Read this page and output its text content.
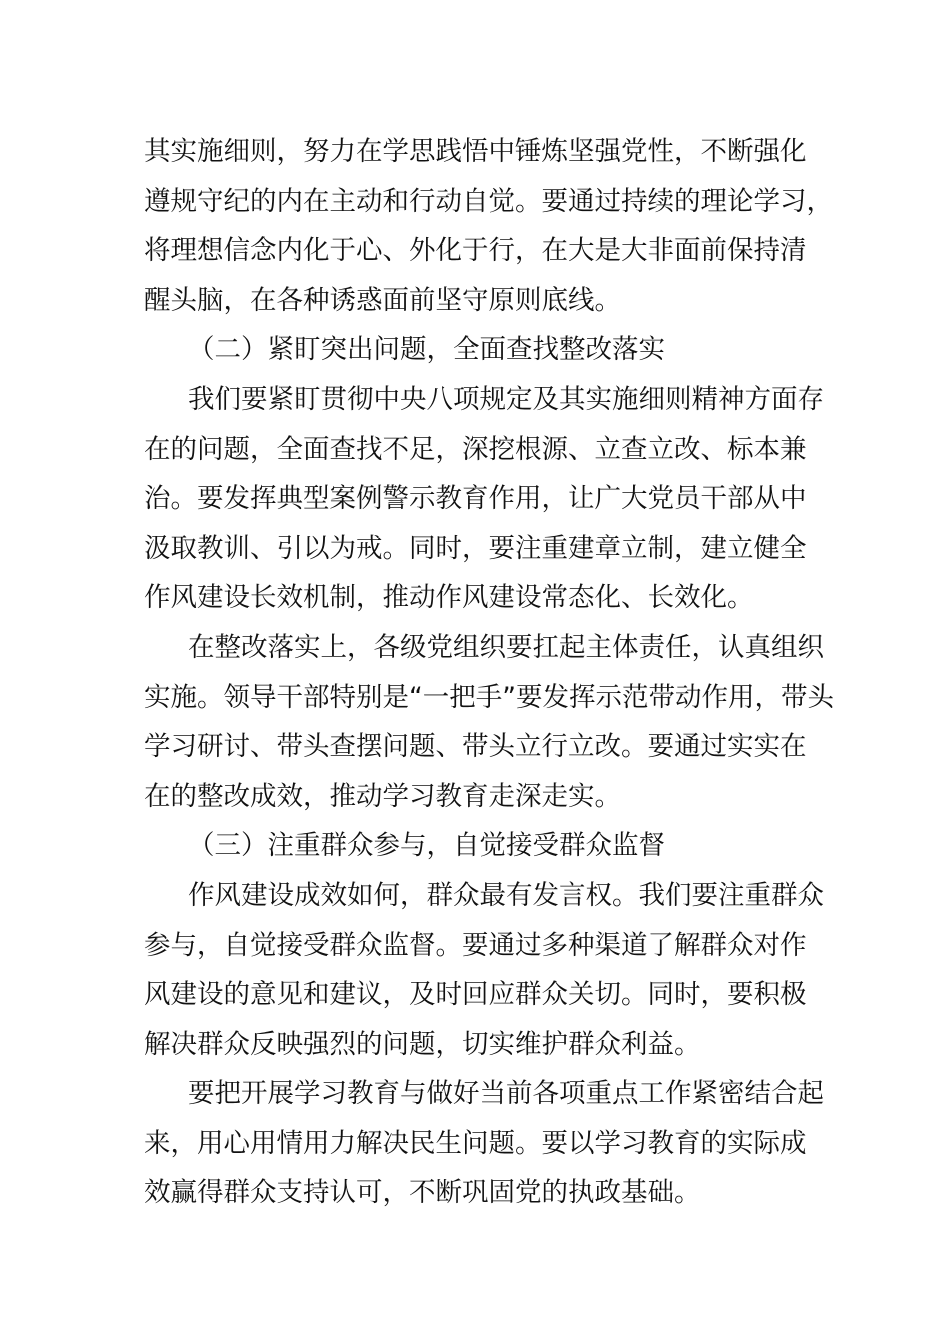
其实施细则，努力在学思践悟中锤炼坚强党性，不断强化
遵规守纪的内在主动和行动自觉。要通过持续的理论学习，
将理想信念内化于心、外化于行，在大是大非面前保持清
醒头脑，在各种诱惑面前坚守原则底线。
（二）紧盯突出问题，全面查找整改落实
我们要紧盯贯彻中央八项规定及其实施细则精神方面存
在的问题，全面查找不足，深挖根源、立查立改、标本兼
治。要发挥典型案例警示教育作用，让广大党员干部从中
汲取教训、引以为戒。同时，要注重建章立制，建立健全
作风建设长效机制，推动作风建设常态化、长效化。
在整改落实上，各级党组织要扛起主体责任，认真组织
实施。领导干部特别是“一把手”要发挥示范带动作用，带头
学习研讨、带头查摆问题、带头立行立改。要通过实实在
在的整改成效，推动学习教育走深走实。
（三）注重群众参与，自觉接受群众监督
作风建设成效如何，群众最有发言权。我们要注重群众
参与，自觉接受群众监督。要通过多种渠道了解群众对作
风建设的意见和建议，及时回应群众关切。同时，要积极
解决群众反映强烈的问题，切实维护群众利益。
要把开展学习教育与做好当前各项重点工作紧密结合起
来，用心用情用力解决民生问题。要以学习教育的实际成
效赢得群众支持认可，不断巩固党的执政基础。
